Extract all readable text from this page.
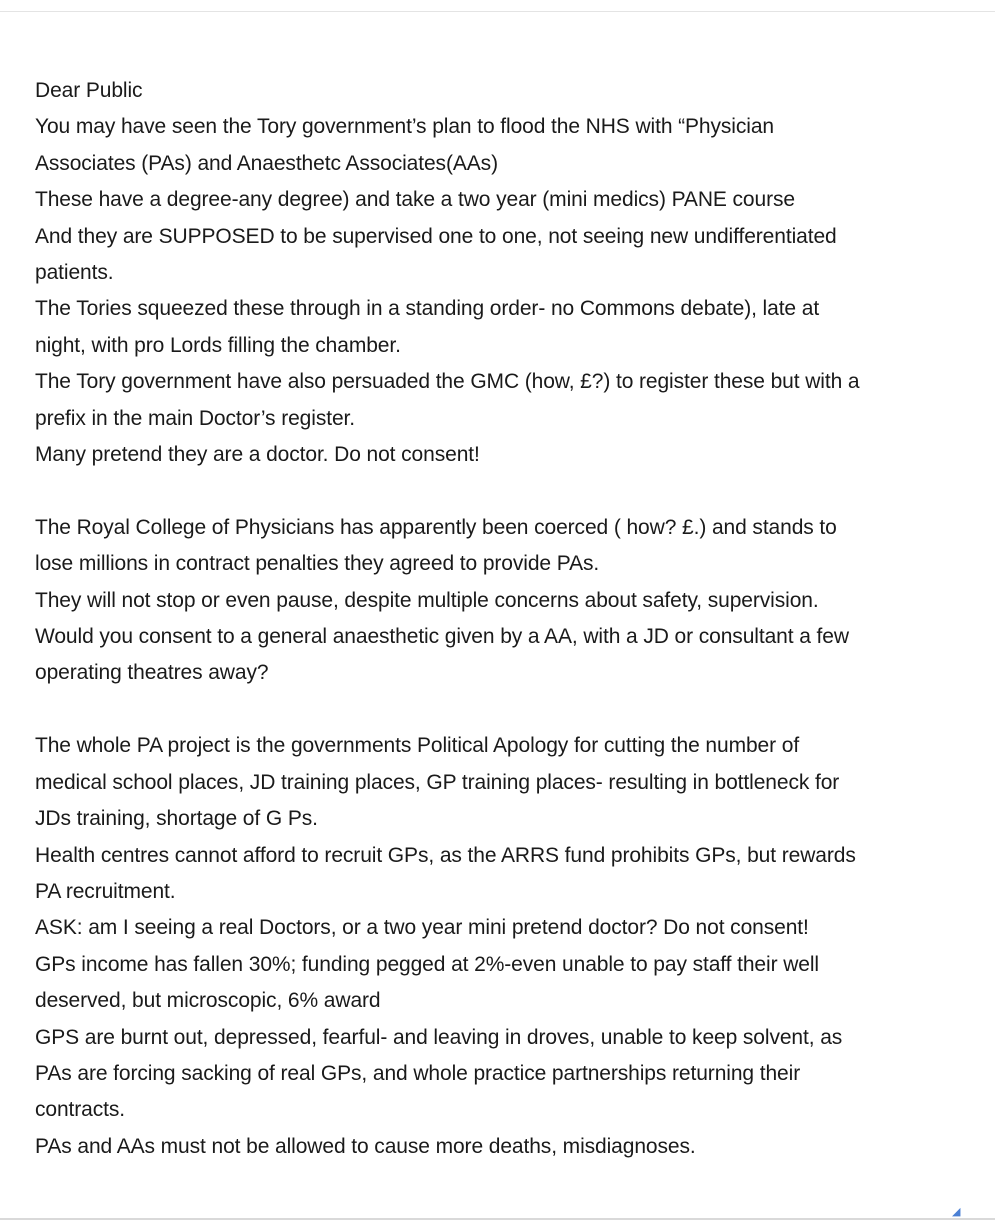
Dear Public
You may have seen the Tory government’s plan to flood the NHS with “Physician
Associates (PAs) and Anaesthetc Associates(AAs)
These have a degree-any degree) and take a two year (mini medics) PANE course
And they are SUPPOSED to be supervised one to one, not seeing new undifferentiated
patients.
The Tories squeezed these through in a standing order- no Commons debate), late at
night, with pro Lords filling the chamber.
The Tory government have also persuaded the GMC (how, £?) to register these but with a
prefix in the main Doctor’s register.
Many pretend they are a doctor. Do not consent!
The Royal College of Physicians has apparently been coerced ( how? £.) and stands to
lose millions in contract penalties they agreed to provide PAs.
They will not stop or even pause, despite multiple concerns about safety, supervision.
Would you consent to a general anaesthetic given by a AA, with a JD or consultant a few
operating theatres away?
The whole PA project is the governments Political Apology for cutting the number of
medical school places, JD training places, GP training places- resulting in bottleneck for
JDs training, shortage of G Ps.
Health centres cannot afford to recruit GPs, as the ARRS fund prohibits GPs, but rewards
PA recruitment.
ASK: am I seeing a real Doctors, or a two year mini pretend doctor? Do not consent!
GPs income has fallen 30%; funding pegged at 2%-even unable to pay staff their well
deserved, but microscopic, 6% award
GPS are burnt out, depressed, fearful- and leaving in droves, unable to keep solvent, as
PAs are forcing sacking of real GPs, and whole practice partnerships returning their
contracts.
PAs and AAs must not be allowed to cause more deaths, misdiagnoses.
◢
